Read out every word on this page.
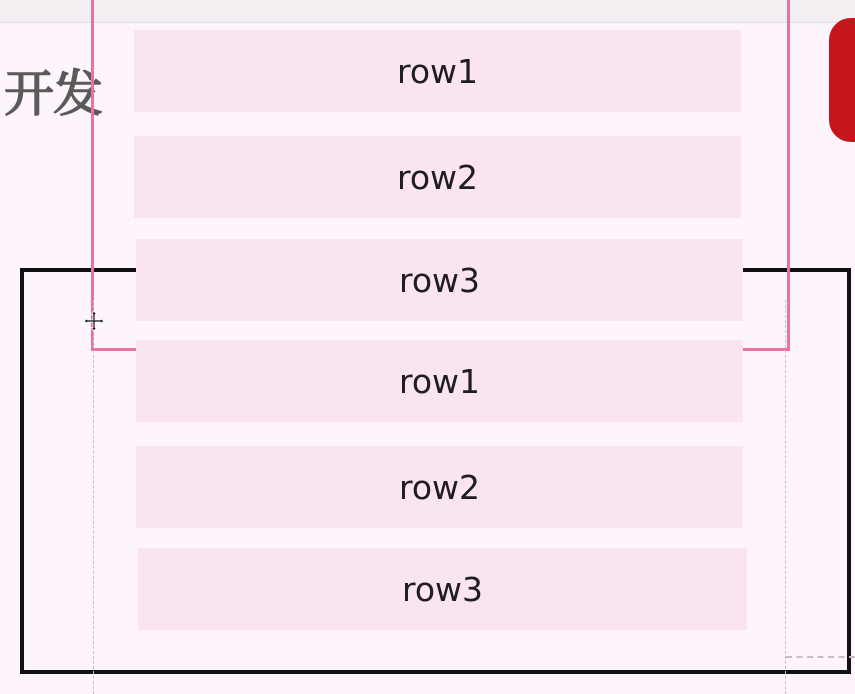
开发	row1
row2
row3
row1
row2
row3
